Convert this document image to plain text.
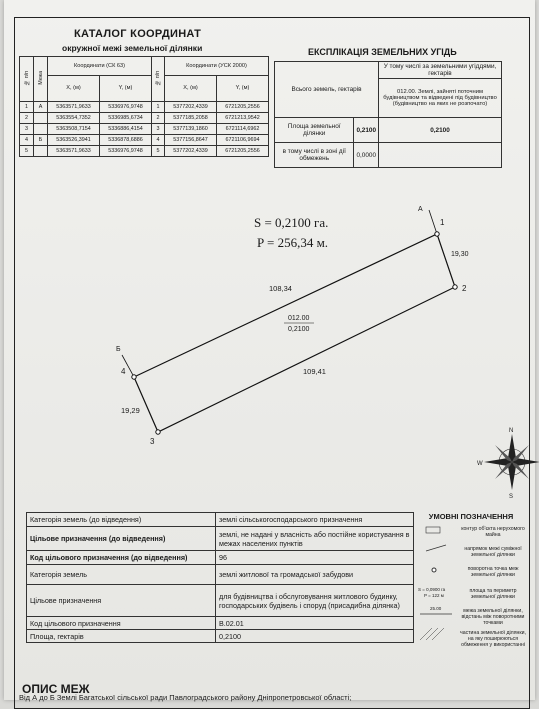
КАТАЛОГ КООРДИНАТ
окружної межі земельної ділянки	ЕКСПЛІКАЦІЯ ЗЕМЕЛЬНИХ УГІДЬ
№ п/п	Межа	Координати (СК 63)		№ п/п	Координати (УСК 2000)	
		Х, (м)	Y, (м)		Х, (м)	Y, (м)
1	А	5363571,9633	5336976,9748	1	5377202,4339	6721205,2556
2		5363554,7352	5336985,6734	2	5377185,2058	6721213,9542
3		5363508,7154	5336886,4154	3	5377139,1860	6721114,6962
4	Б	5363526,3941	5336878,6886	4	5377156,8647	6721106,9694
5		5363571,9633	5336976,9748	5	5377202,4339	6721205,2556
Всього земель, гектарів		У тому числі за земельними угіддями, гектарів
		012.00. Землі, зайняті поточним будівництвом та відведені під будівництво (будівництво на яких не розпочато)
Площа земельної ділянки	0,2100	0,2100
в тому числі в зоні дії обмежень	0,0000	
S = 0,2100 га.
P = 256,34 м.
Категорія земель (до відведення)	землі сільськогосподарського призначення
Цільове призначення (до відведення)	землі, не надані у власність або постійне користування в межах населених пунктів
Код цільового призначення (до відведення)	96
Категорія земель	землі житлової та громадської забудови
Цільове призначення	для будівництва і обслуговування житлового будинку, господарських будівель і споруд (присадибна ділянка)
Код цільового призначення	В.02.01
Площа, гектарів	0,2100
УМОВНІ ПОЗНАЧЕННЯ
контур об'єкта нерухомого майна
напрямок межі суміжної земельної ділянки
поворотна точка меж земельної ділянки
площа та периметр земельної ділянки
межа земельної ділянки, відстань між поворотними точками
частина земельної ділянки, на яку поширюються обмеження у використанні
ОПИС МЕЖ
Від А до Б Землі Багатської сільської ради Павлоградського району Дніпропетровської області;
1
2
3
4
А
Б
19,30
108,34
109,41
19,29
012.00
0,2100
N
S
W
S = 0,0900 га
P = 122 м
25.00
